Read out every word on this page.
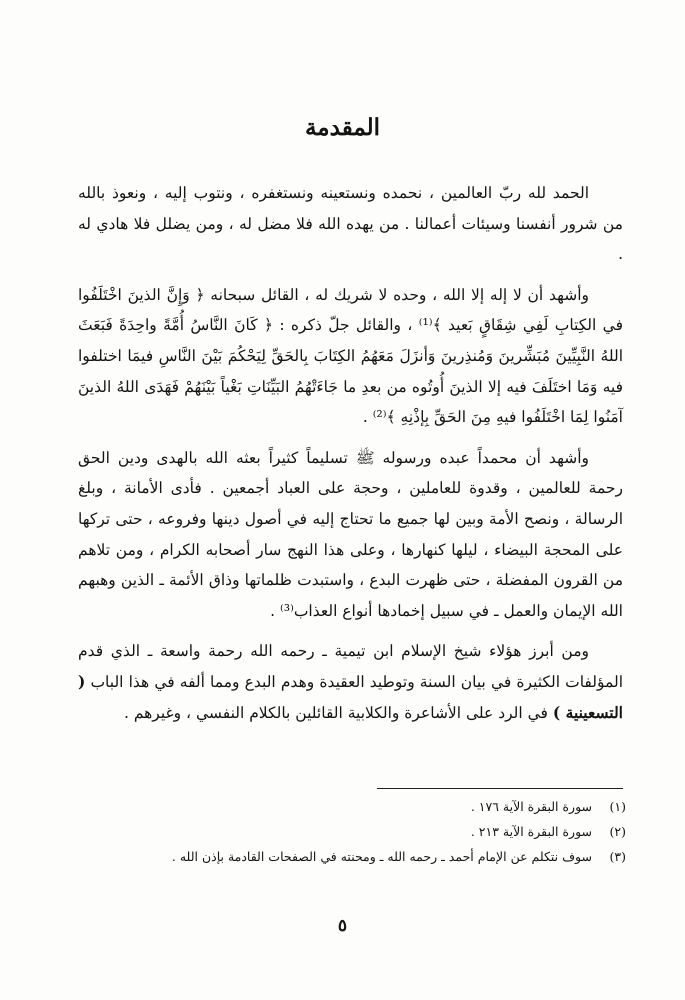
المقدمة

الحمد لله ربّ العالمين ، نحمده ونستعينه ونستغفره ، ونتوب إليه ، ونعوذ بالله من شرور أنفسنا وسيئات أعمالنا . من يهده الله فلا مضل له ، ومن يضلل فلا هادي له .

وأشهد أن لا إله إلا الله ، وحده لا شريك له ، القائل سبحانه ﴿ وَإِنَّ الذينَ اخْتَلَفُوا في الكِتابِ لَفِي شِقَاقٍ بَعيد ﴾⁽¹⁾ ، والقائل جلّ ذكره : ﴿ كَانَ النَّاسُ أُمَّةً واحِدَةً فَبَعَثَ اللهُ النَّبِيِّينَ مُبَشِّرينَ وَمُنذِرينَ وَأنزَلَ مَعَهُمُ الكِتَابَ بِالحَقِّ لِيَحْكُمَ بَيْنَ النَّاسِ فيمَا اختلفوا فيه وَمَا اختَلَفَ فيه إلا الذينَ أُوتُوه من بعدِ ما جَاءَتْهُمُ البَيِّنَاتِ بَغْياً بَيْنَهُمْ فَهَدَى اللهُ الذينَ آمَنُوا لِمَا اخْتَلَفُوا فيهِ مِنَ الحَقِّ بِإذْنِهِ ﴾⁽²⁾ .

وأشهد أن محمداً عبده ورسوله ﷺ تسليماً كثيراً بعثه الله بالهدى ودين الحق رحمة للعالمين ، وقدوة للعاملين ، وحجة على العباد أجمعين . فأدى الأمانة ، وبلغ الرسالة ، ونصح الأمة وبين لها جميع ما تحتاج إليه في أصول دينها وفروعه ، حتى تركها على المحجة البيضاء ، ليلها كنهارها ، وعلى هذا النهج سار أصحابه الكرام ، ومن تلاهم من القرون المفضلة ، حتى ظهرت البدع ، واستبدت ظلماتها وذاق الأئمة ـ الذين وهبهم الله الإيمان والعمل ـ في سبيل إخمادها أنواع العذاب⁽³⁾ .

ومن أبرز هؤلاء شيخ الإسلام ابن تيمية ـ رحمه الله رحمة واسعة ـ الذي قدم المؤلفات الكثيرة في بيان السنة وتوطيد العقيدة وهدم البدع ومما ألفه في هذا الباب ( التسعينية ) في الرد على الأشاعرة والكلابية القائلين بالكلام النفسي ، وغيرهم .

(١)
سورة البقرة الآية ١٧٦ .
(٢)
سورة البقرة الآية ٢١٣ .
(٣)
سوف نتكلم عن الإمام أحمد ـ رحمه الله ـ ومحنته في الصفحات القادمة بإذن الله .
٥
